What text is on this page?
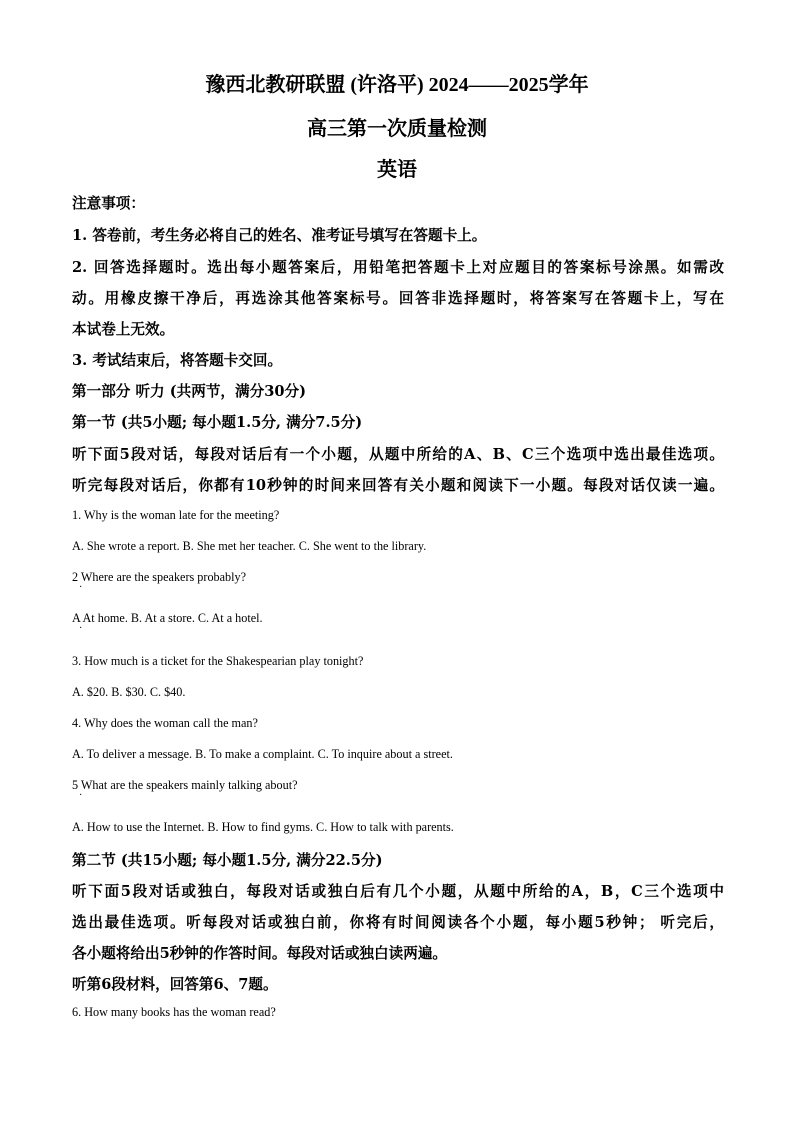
豫西北教研联盟 (许洛平) 2024——2025学年
高三第一次质量检测
英语
注意事项：
1. 答卷前，考生务必将自己的姓名、准考证号填写在答题卡上。
2. 回答选择题时。选出每小题答案后，用铅笔把答题卡上对应题目的答案标号涂黑。如需改
动。用橡皮擦干净后，再选涂其他答案标号。回答非选择题时，将答案写在答题卡上，写在
本试卷上无效。
3. 考试结束后，将答题卡交回。
第一部分 听力 (共两节，满分30分)
第一节 (共5小题; 每小题1.5分, 满分7.5分)
听下面5段对话，每段对话后有一个小题，从题中所给的A、B、C三个选项中选出最佳选项。
听完每段对话后，你都有10秒钟的时间来回答有关小题和阅读下一小题。每段对话仅读一遍。
1. Why is the woman late for the meeting?
A. She wrote a report. B. She met her teacher. C. She went to the library.
2 Where are the speakers probably?
·
A At home. B. At a store. C. At a hotel.
·
3. How much is a ticket for the Shakespearian play tonight?
A. $20. B. $30. C. $40.
4. Why does the woman call the man?
A. To deliver a message. B. To make a complaint. C. To inquire about a street.
5 What are the speakers mainly talking about?
·
A. How to use the Internet. B. How to find gyms. C. How to talk with parents.
第二节 (共15小题; 每小题1.5分, 满分22.5分)
听下面5段对话或独白，每段对话或独白后有几个小题，从题中所给的A，B，C三个选项中
选出最佳选项。听每段对话或独白前，你将有时间阅读各个小题，每小题5秒钟； 听完后，
各小题将给出5秒钟的作答时间。每段对话或独白读两遍。
听第6段材料，回答第6、7题。
6. How many books has the woman read?
